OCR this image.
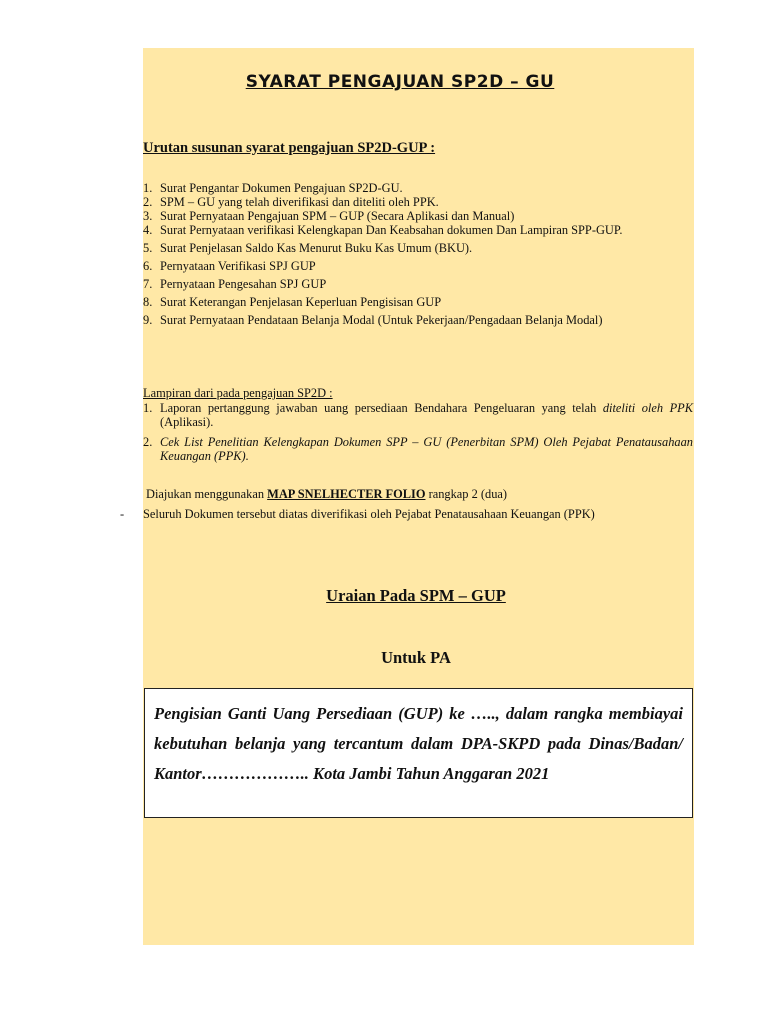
SYARAT PENGAJUAN SP2D – GU

Urutan susunan syarat pengajuan SP2D-GUP :

1. Surat Pengantar Dokumen Pengajuan SP2D-GU.
2. SPM – GU yang telah diverifikasi dan diteliti oleh PPK.
3. Surat Pernyataan Pengajuan SPM – GUP (Secara Aplikasi dan Manual)
4. Surat Pernyataan verifikasi Kelengkapan Dan Keabsahan dokumen Dan Lampiran SPP-GUP.
5. Surat Penjelasan Saldo Kas Menurut Buku Kas Umum (BKU).
6. Pernyataan Verifikasi SPJ GUP
7. Pernyataan Pengesahan SPJ GUP
8. Surat Keterangan Penjelasan Keperluan Pengisisan GUP
9. Surat Pernyataan Pendataan Belanja Modal (Untuk Pekerjaan/Pengadaan Belanja Modal)

Lampiran dari pada pengajuan SP2D :

1. Laporan pertanggung jawaban uang persediaan Bendahara Pengeluaran yang telah diteliti oleh PPK (Aplikasi).
2. Cek List Penelitian Kelengkapan Dokumen SPP – GU (Penerbitan SPM) Oleh Pejabat Penatausahaan Keuangan (PPK).

Diajukan menggunakan MAP SNELHECTER FOLIO rangkap 2 (dua)

- Seluruh Dokumen tersebut diatas diverifikasi oleh Pejabat Penatausahaan Keuangan (PPK)

Uraian Pada SPM – GUP

Untuk PA

Pengisian Ganti Uang Persediaan (GUP) ke ….., dalam rangka membiayai kebutuhan belanja yang tercantum dalam DPA-SKPD pada Dinas/Badan/ Kantor……………….. Kota Jambi Tahun Anggaran 2021
